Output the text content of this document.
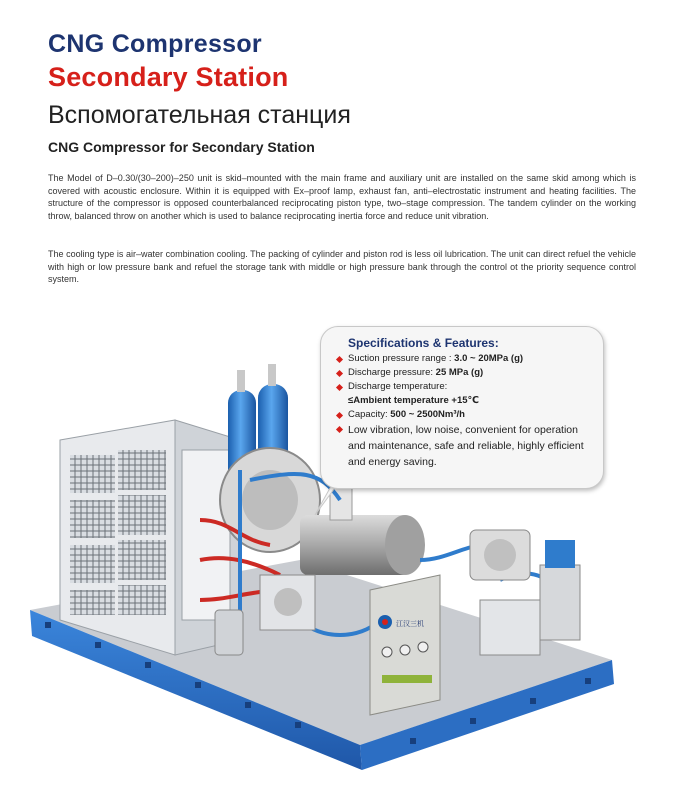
CNG Compressor
Secondary Station
Вспомогательная станция
CNG Compressor for Secondary Station

The Model of D–0.30/(30–200)–250 unit is skid–mounted with the main frame and auxiliary unit are installed on the same skid among which is covered with acoustic enclosure. Within it is equipped with Ex–proof lamp, exhaust fan, anti–electrostatic instrument and heating facilities. The structure of the compressor is opposed counterbalanced reciprocating piston type, two–stage compression. The tandem cylinder on the working throw, balanced throw on another which is used to balance reciprocating inertia force and reduce unit vibration.

The cooling type is air–water combination cooling. The packing of cylinder and piston rod is less oil lubrication. The unit can direct refuel the vehicle with high or low pressure bank and refuel the storage tank with middle or high pressure bank through the control ot the priority sequence control system.

江汉三机
Specifications & Features:
Suction pressure range : 3.0 ~ 20MPa (g)
Discharge pressure: 25 MPa (g)
Discharge temperature:
≤Ambient temperature +15℃
Capacity: 500 ~ 2500Nm³/h
Low vibration, low noise, convenient for operation and maintenance, safe and reliable, highly efficient and energy saving.
